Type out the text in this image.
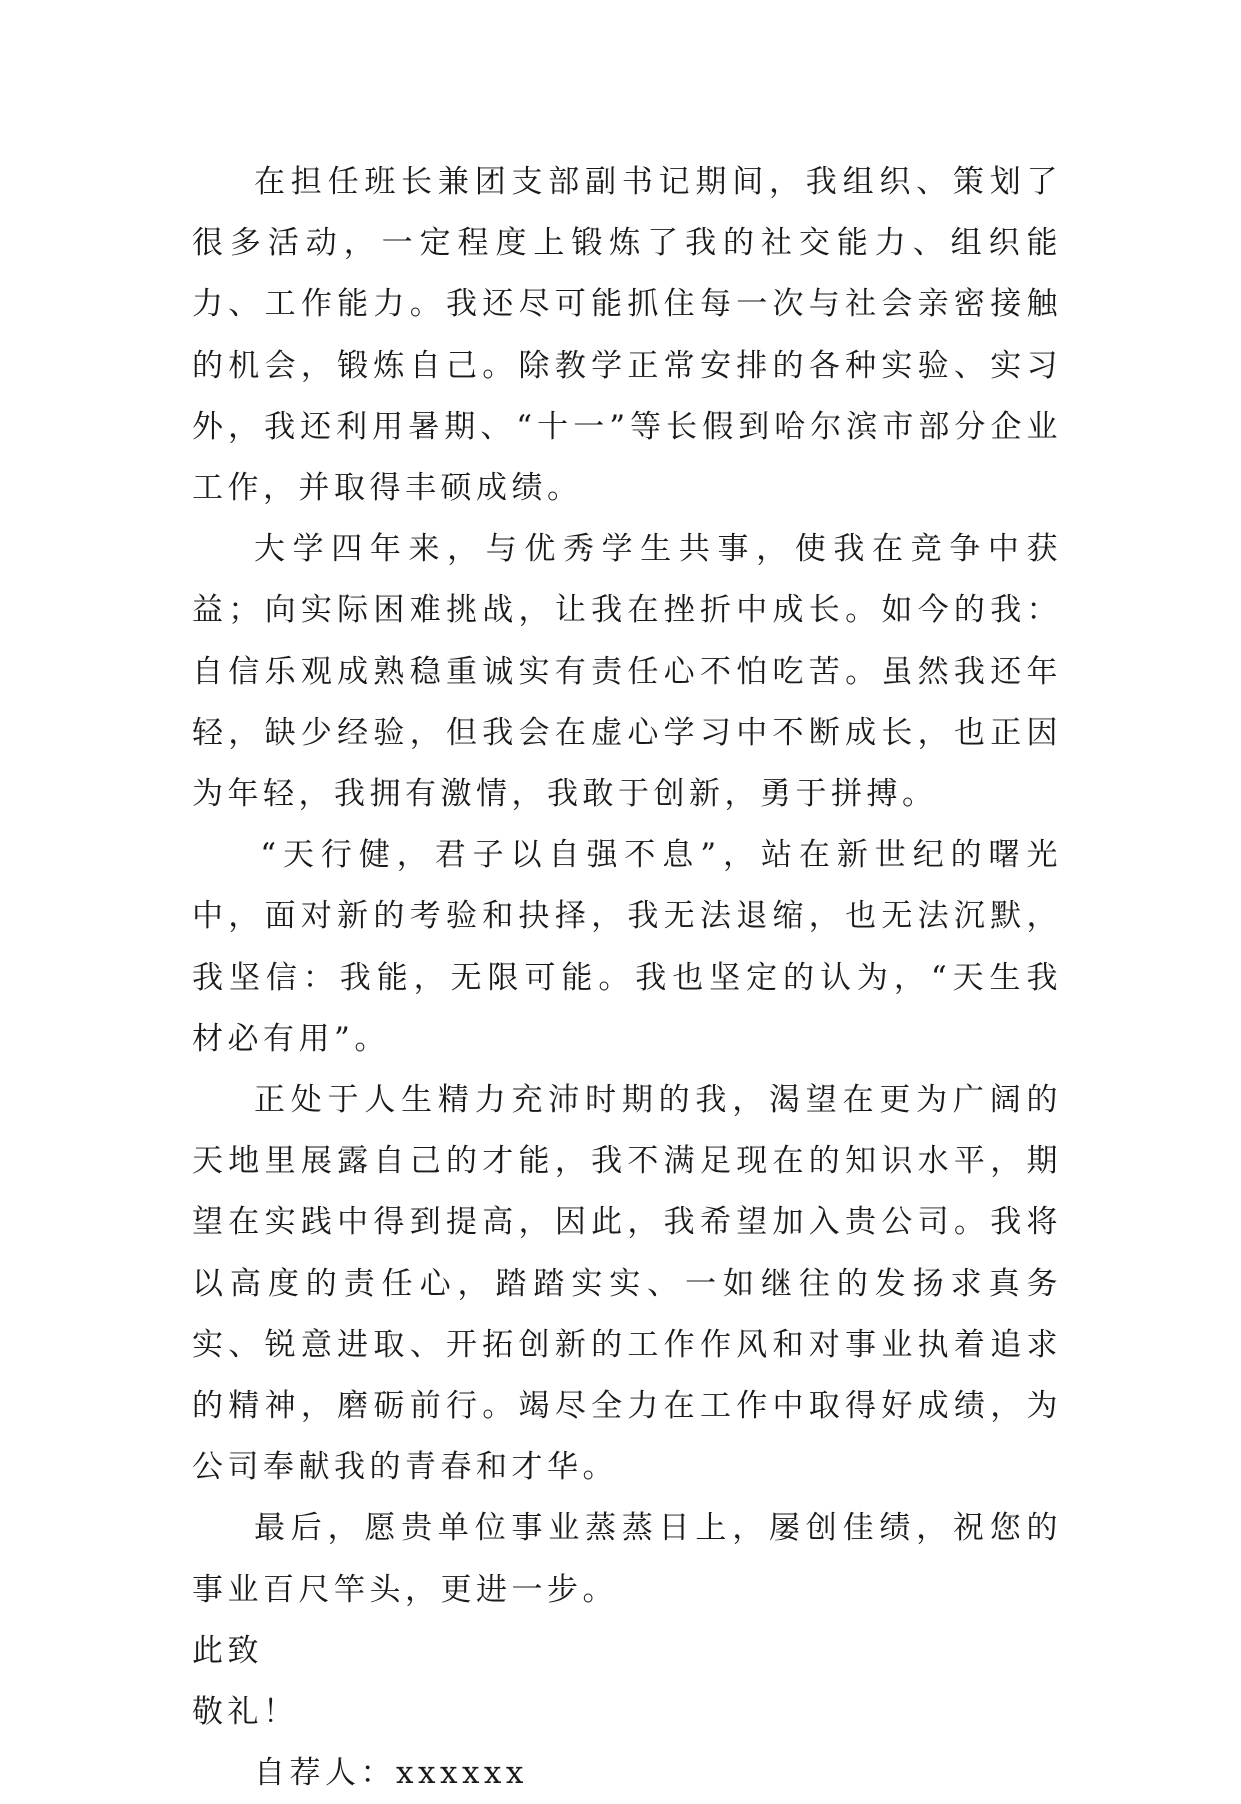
在担任班长兼团支部副书记期间，我组织、策划了很多活动，一定程度上锻炼了我的社交能力、组织能力、工作能力。我还尽可能抓住每一次与社会亲密接触的机会，锻炼自己。除教学正常安排的各种实验、实习外，我还利用暑期、“十一”等长假到哈尔滨市部分企业工作，并取得丰硕成绩。

大学四年来，与优秀学生共事，使我在竞争中获益；向实际困难挑战，让我在挫折中成长。如今的我：自信乐观成熟稳重诚实有责任心不怕吃苦。虽然我还年轻，缺少经验，但我会在虚心学习中不断成长，也正因为年轻，我拥有激情，我敢于创新，勇于拼搏。

“天行健，君子以自强不息”，站在新世纪的曙光中，面对新的考验和抉择，我无法退缩，也无法沉默，我坚信：我能，无限可能。我也坚定的认为，“天生我材必有用”。

正处于人生精力充沛时期的我，渴望在更为广阔的天地里展露自己的才能，我不满足现在的知识水平，期望在实践中得到提高，因此，我希望加入贵公司。我将以高度的责任心，踏踏实实、一如继往的发扬求真务实、锐意进取、开拓创新的工作作风和对事业执着追求的精神，磨砺前行。竭尽全力在工作中取得好成绩，为公司奉献我的青春和才华。

最后，愿贵单位事业蒸蒸日上，屡创佳绩，祝您的事业百尺竿头，更进一步。

此致

敬礼！

自荐人：xxxxxx
